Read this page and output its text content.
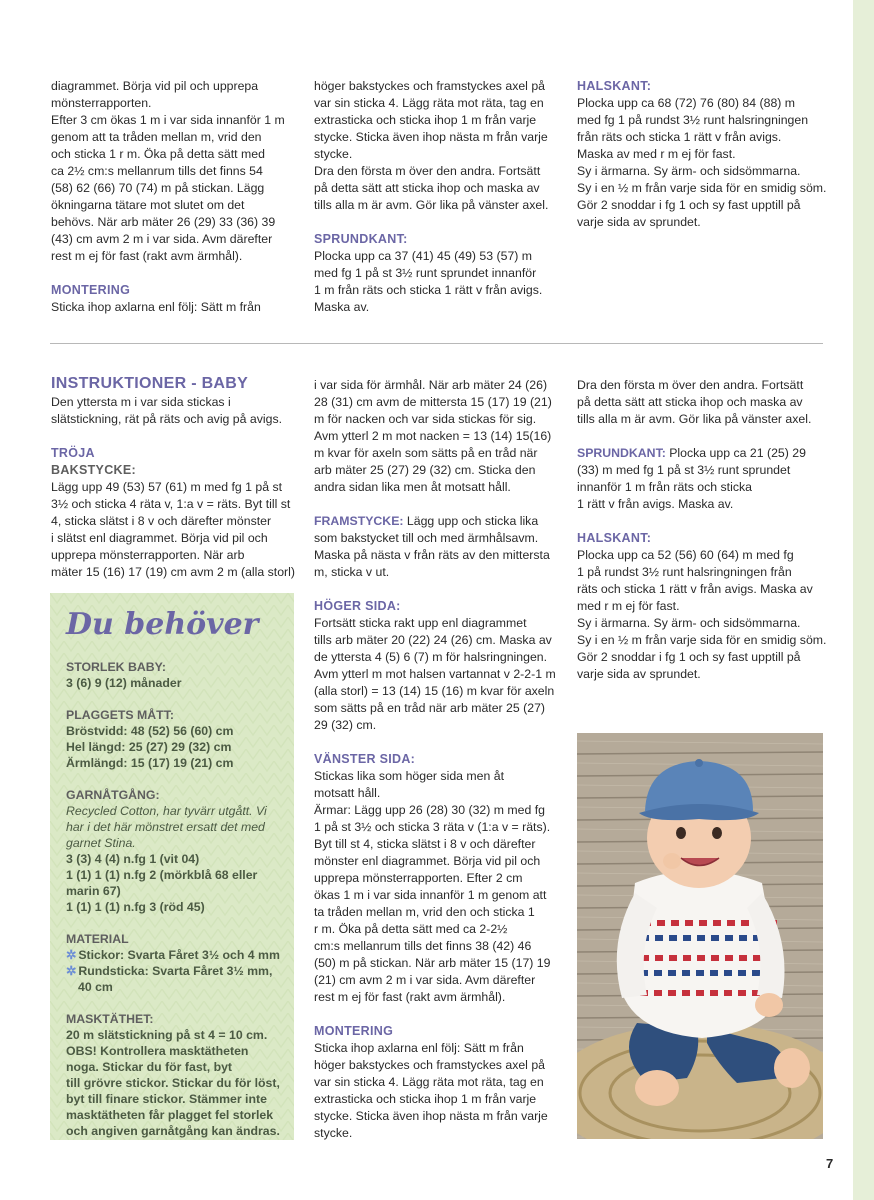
diagrammet. Börja vid pil och upprepa

mönsterrapporten.

Efter 3 cm ökas 1 m i var sida innanför 1 m

genom att ta tråden mellan m, vrid den

och sticka 1 r m. Öka på detta sätt med

ca 2½ cm:s mellanrum tills det finns 54

(58) 62 (66) 70 (74) m på stickan. Lägg

ökningarna tätare mot slutet om det

behövs. När arb mäter 26 (29) 33 (36) 39

(43) cm avm 2 m i var sida. Avm därefter

rest m ej för fast (rakt avm ärmhål).

MONTERING

Sticka ihop axlarna enl följ: Sätt m från

höger bakstyckes och framstyckes axel på

var sin sticka 4. Lägg räta mot räta, tag en

extrasticka och sticka ihop 1 m från varje

stycke. Sticka även ihop nästa m från varje

stycke.

Dra den första m över den andra. Fortsätt

på detta sätt att sticka ihop och maska av

tills alla m är avm. Gör lika på vänster axel.

SPRUNDKANT:

Plocka upp ca 37 (41) 45 (49) 53 (57) m

med fg 1 på st 3½ runt sprundet innanför

1 m från räts och sticka 1 rätt v från avigs.

Maska av.

HALSKANT:

Plocka upp ca 68 (72) 76 (80) 84 (88) m

med fg 1 på rundst 3½ runt halsringningen

från räts och sticka 1 rätt v från avigs.

Maska av med r m ej för fast.

Sy i ärmarna. Sy ärm- och sidsömmarna.

Sy i en ½ m från varje sida för en smidig söm.

Gör 2 snoddar i fg 1 och sy fast upptill på

varje sida av sprundet.

INSTRUKTIONER - BABY

Den yttersta m i var sida stickas i

slätstickning, rät på räts och avig på avigs.

TRÖJA

BAKSTYCKE:

Lägg upp 49 (53) 57 (61) m med fg 1 på st

3½ och sticka 4 räta v, 1:a v = räts. Byt till st

4, sticka slätst i 8 v och därefter mönster

i slätst enl diagrammet. Börja vid pil och

upprepa mönsterrapporten. När arb

mäter 15 (16) 17 (19) cm avm 2 m (alla storl)

Du behöver

STORLEK BABY:

3 (6) 9 (12) månader

PLAGGETS MÅTT:

Bröstvidd: 48 (52) 56 (60) cm

Hel längd: 25 (27) 29 (32) cm

Ärmlängd: 15 (17) 19 (21) cm

GARNÅTGÅNG:

Recycled Cotton, har tyvärr utgått. Vi har i det här mönstret ersatt det med garnet Stina.

3 (3) 4 (4) n.fg 1 (vit 04)

1 (1) 1 (1) n.fg 2 (mörkblå 68 eller marin 67)

1 (1) 1 (1) n.fg 3 (röd 45)

MATERIAL

✲ Stickor: Svarta Fåret 3½ och 4 mm

✲ Rundsticka: Svarta Fåret 3½ mm, 40 cm

MASKTÄTHET:

20 m slätstickning på st 4 = 10 cm.

OBS! Kontrollera masktätheten

noga. Stickar du för fast, byt

till grövre stickor. Stickar du för löst,

byt till finare stickor. Stämmer inte

masktätheten får plagget fel storlek

och angiven garnåtgång kan ändras.

i var sida för ärmhål. När arb mäter 24 (26)

28 (31) cm avm de mittersta 15 (17) 19 (21)

m för nacken och var sida stickas för sig.

Avm ytterl 2 m mot nacken = 13 (14) 15(16)

m kvar för axeln som sätts på en tråd när

arb mäter 25 (27) 29 (32) cm. Sticka den

andra sidan lika men åt motsatt håll.

FRAMSTYCKE: Lägg upp och sticka lika

som bakstycket till och med ärmhålsavm.

Maska på nästa v från räts av den mittersta

m, sticka v ut.

HÖGER SIDA:

Fortsätt sticka rakt upp enl diagrammet

tills arb mäter 20 (22) 24 (26) cm. Maska av

de yttersta 4 (5) 6 (7) m för halsringningen.

Avm ytterl m mot halsen vartannat v 2-2-1 m

(alla storl) = 13 (14) 15 (16) m kvar för axeln

som sätts på en tråd när arb mäter 25 (27)

29 (32) cm.

VÄNSTER SIDA:

Stickas lika som höger sida men åt

motsatt håll.

Ärmar: Lägg upp 26 (28) 30 (32) m med fg

1 på st 3½ och sticka 3 räta v (1:a v = räts).

Byt till st 4, sticka slätst i 8 v och därefter

mönster enl diagrammet. Börja vid pil och

upprepa mönsterrapporten. Efter 2 cm

ökas 1 m i var sida innanför 1 m genom att

ta tråden mellan m, vrid den och sticka 1

r m. Öka på detta sätt med ca 2-2½

cm:s mellanrum tills det finns 38 (42) 46

(50) m på stickan. När arb mäter 15 (17) 19

(21) cm avm 2 m i var sida. Avm därefter

rest m ej för fast (rakt avm ärmhål).

MONTERING

Sticka ihop axlarna enl följ: Sätt m från

höger bakstyckes och framstyckes axel på

var sin sticka 4. Lägg räta mot räta, tag en

extrasticka och sticka ihop 1 m från varje

stycke. Sticka även ihop nästa m från varje

stycke.

Dra den första m över den andra. Fortsätt

på detta sätt att sticka ihop och maska av

tills alla m är avm. Gör lika på vänster axel.

SPRUNDKANT: Plocka upp ca 21 (25) 29

(33) m med fg 1 på st 3½ runt sprundet

innanför 1 m från räts och sticka

1 rätt v från avigs. Maska av.

HALSKANT:

Plocka upp ca 52 (56) 60 (64) m med fg

1 på rundst 3½ runt halsringningen från

räts och sticka 1 rätt v från avigs. Maska av

med r m ej för fast.

Sy i ärmarna. Sy ärm- och sidsömmarna.

Sy i en ½ m från varje sida för en smidig söm.

Gör 2 snoddar i fg 1 och sy fast upptill på

varje sida av sprundet.

7
